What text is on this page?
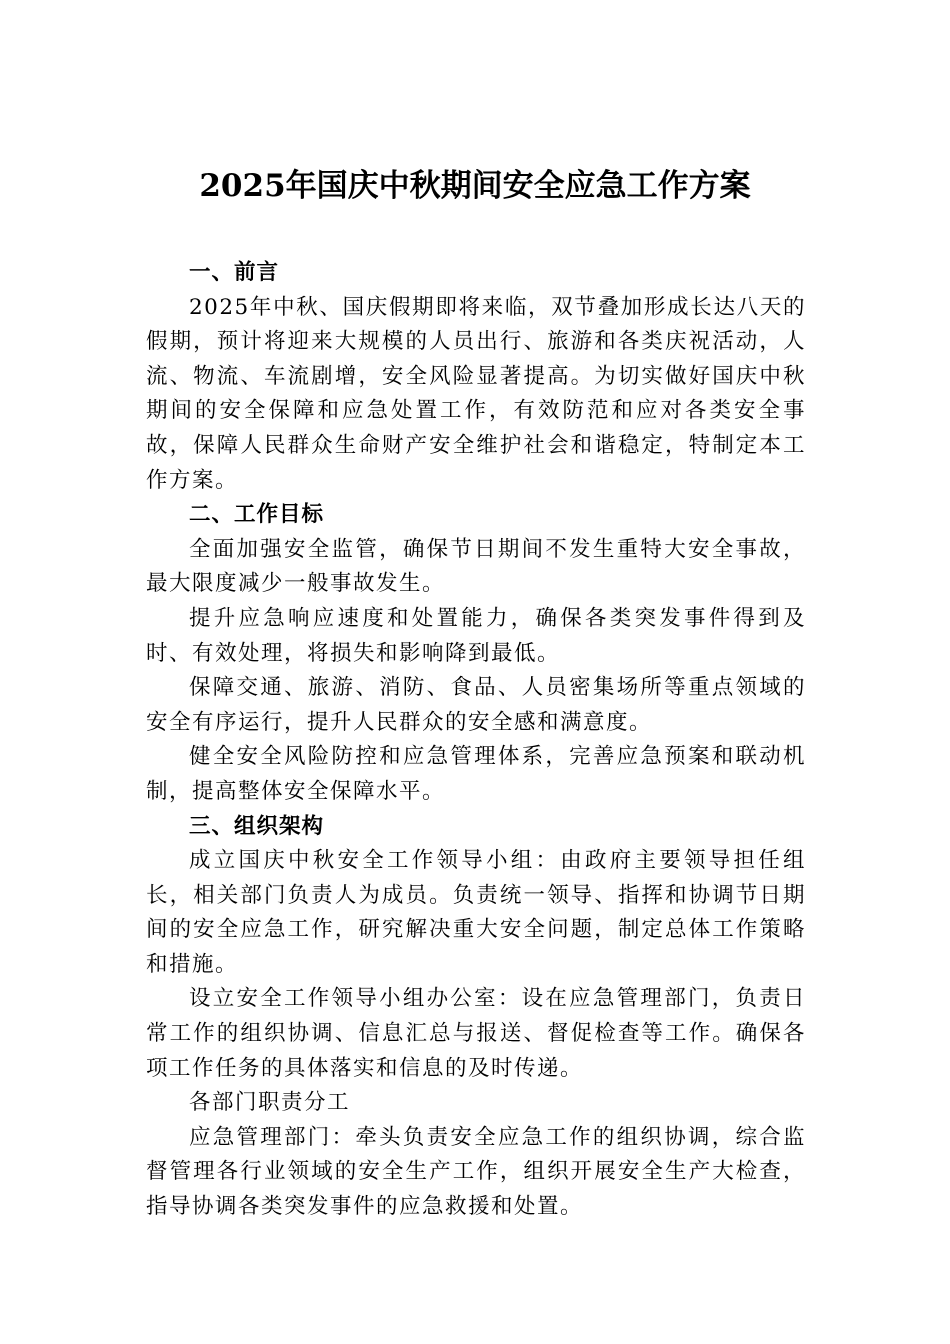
2025年国庆中秋期间安全应急工作方案

一、前言

2025年中秋、国庆假期即将来临，双节叠加形成长达八天的假期，预计将迎来大规模的人员出行、旅游和各类庆祝活动，人流、物流、车流剧增，安全风险显著提高。为切实做好国庆中秋期间的安全保障和应急处置工作，有效防范和应对各类安全事故，保障人民群众生命财产安全维护社会和谐稳定，特制定本工作方案。

二、工作目标

全面加强安全监管，确保节日期间不发生重特大安全事故，最大限度减少一般事故发生。

提升应急响应速度和处置能力，确保各类突发事件得到及时、有效处理，将损失和影响降到最低。

保障交通、旅游、消防、食品、人员密集场所等重点领域的安全有序运行，提升人民群众的安全感和满意度。

健全安全风险防控和应急管理体系，完善应急预案和联动机制，提高整体安全保障水平。

三、组织架构

成立国庆中秋安全工作领导小组：由政府主要领导担任组长，相关部门负责人为成员。负责统一领导、指挥和协调节日期间的安全应急工作，研究解决重大安全问题，制定总体工作策略和措施。

设立安全工作领导小组办公室：设在应急管理部门，负责日常工作的组织协调、信息汇总与报送、督促检查等工作。确保各项工作任务的具体落实和信息的及时传递。

各部门职责分工

应急管理部门：牵头负责安全应急工作的组织协调，综合监督管理各行业领域的安全生产工作，组织开展安全生产大检查，指导协调各类突发事件的应急救援和处置。
